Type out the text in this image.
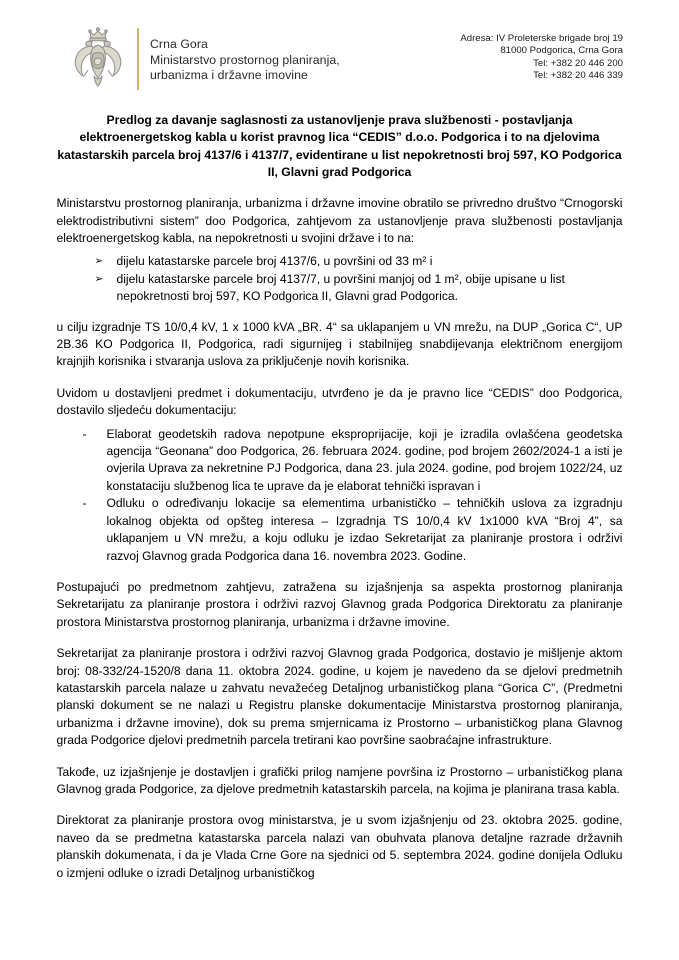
Crna Gora
Ministarstvo prostornog planiranja,
urbanizma i državne imovine
Adresa: IV Proleterske brigade broj 19
81000 Podgorica, Crna Gora
Tel: +382 20 446 200
Tel: +382 20 446 339
Predlog za davanje saglasnosti za ustanovljenje prava službenosti - postavljanja elektroenergetskog kabla u korist pravnog lica “CEDIS” d.o.o. Podgorica i to na djelovima katastarskih parcela broj 4137/6 i 4137/7, evidentirane u list nepokretnosti broj 597, KO Podgorica II, Glavni grad Podgorica

Ministarstvu prostornog planiranja, urbanizma i državne imovine obratilo se privredno društvo “Crnogorski elektrodistributivni sistem” doo Podgorica, zahtjevom za ustanovljenje prava službenosti postavljanja elektroenergetskog kabla, na nepokretnosti u svojini države i to na:

➢ dijelu katastarske parcele broj 4137/6, u površini od 33 m² i
➢ dijelu katastarske parcele broj 4137/7, u površini manjoj od 1 m², obije upisane u list nepokretnosti broj 597, KO Podgorica II, Glavni grad Podgorica.

u cilju izgradnje TS 10/0,4 kV, 1 x 1000 kVA „BR. 4“ sa uklapanjem u VN mrežu, na DUP „Gorica C“, UP 2B.36 KO Podgorica II, Podgorica, radi sigurnijeg i stabilnijeg snabdijevanja električnom energijom krajnjih korisnika i stvaranja uslova za priključenje novih korisnika.

Uvidom u dostavljeni predmet i dokumentaciju, utvrđeno je da je pravno lice “CEDIS” doo Podgorica, dostavilo sljedeću dokumentaciju:

- Elaborat geodetskih radova nepotpune eksproprijacije, koji je izradila ovlašćena geodetska agencija “Geonana” doo Podgorica, 26. februara 2024. godine, pod brojem 2602/2024-1 a isti je ovjerila Uprava za nekretnine PJ Podgorica, dana 23. jula 2024. godine, pod brojem 1022/24, uz konstataciju službenog lica te uprave da je elaborat tehnički ispravan i
- Odluku o određivanju lokacije sa elementima urbanističko – tehničkih uslova za izgradnju lokalnog objekta od opšteg interesa – Izgradnja TS 10/0,4 kV 1x1000 kVA “Broj 4”, sa uklapanjem u VN mrežu, a koju odluku je izdao Sekretarijat za planiranje prostora i održivi razvoj Glavnog grada Podgorica dana 16. novembra 2023. Godine.

Postupajući po predmetnom zahtjevu, zatražena su izjašnjenja sa aspekta prostornog planiranja Sekretarijatu za planiranje prostora i održivi razvoj Glavnog grada Podgorica Direktoratu za planiranje prostora Ministarstva prostornog planiranja, urbanizma i državne imovine.

Sekretarijat za planiranje prostora i održivi razvoj Glavnog grada Podgorica, dostavio je mišljenje aktom broj: 08-332/24-1520/8 dana 11. oktobra 2024. godine, u kojem je navedeno da se djelovi predmetnih katastarskih parcela nalaze u zahvatu nevažećeg Detaljnog urbanističkog plana “Gorica C”, (Predmetni planski dokument se ne nalazi u Registru planske dokumentacije Ministarstva prostornog planiranja, urbanizma i državne imovine), dok su prema smjernicama iz Prostorno – urbanističkog plana Glavnog grada Podgorice djelovi predmetnih parcela tretirani kao površine saobraćajne infrastrukture.

Takođe, uz izjašnjenje je dostavljen i grafički prilog namjene površina iz Prostorno – urbanističkog plana Glavnog grada Podgorice, za djelove predmetnih katastarskih parcela, na kojima je planirana trasa kabla.

Direktorat za planiranje prostora ovog ministarstva, je u svom izjašnjenju od 23. oktobra 2025. godine, naveo da se predmetna katastarska parcela nalazi van obuhvata planova detaljne razrade državnih planskih dokumenata, i da je Vlada Crne Gore na sjednici od 5. septembra 2024. godine donijela Odluku o izmjeni odluke o izradi Detaljnog urbanističkog
